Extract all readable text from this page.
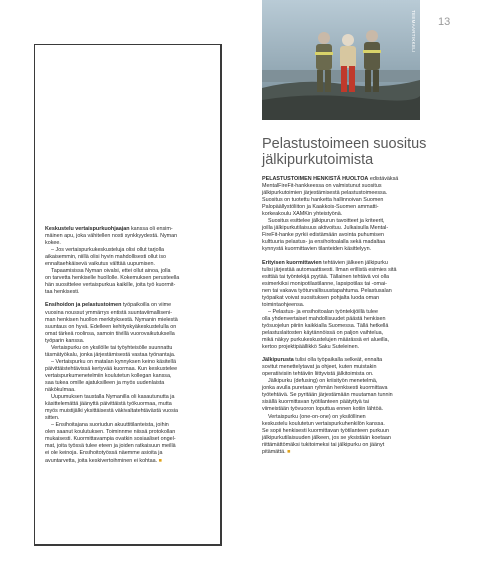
13
TEEMAARTIKKELI

Keskustelu vertaispurkuohjaajan kanssa oli ensim-
mäinen apu, joka vähitellen nosti synkkyydestä. Nyman
kokee.

– Jos vertaispurkukeskusteluja olisi ollut tarjolla
aikaisemmin, niillä olisi hyvin mahdollisesti ollut iso
ennaltaehkäisevä vaikutus välttää uupumisen.

Tapaamisissa Nyman oivalsi, ettei ollut ainoa, jolla
on tarvetta henkiselle huollolle. Kokemuksen perusteella
hän suosittelee vertaispurkua kaikille, joita työ kuormit-
taa henkisesti.

Ensihoidon ja pelastustoimen työpaikoilla on viime
vuosina noussut ymmärrys entistä suuntaviimalliseni-
man henkisen huollon merkityksestä. Nymanin mielestä
suuntaus on hyvä. Edelleen kehityskyäkeskustelulla on
omat tärkeä roolinsa, samoin tiivillä vuorovaikutuksella
työparin kanssa.

Vertaispurku on yksilölle tai työyhteisölle suunnattu
täsmätyökalu, jonka järjestämisestä vastaa työnantaja.

– Vertaispurku on matalan kynnyksen keino käsitellä
päivittäistehtävissä kertyvää kuormaa. Kun keskustelee
vertaispurkumenetelmiin koulutetun kollegan kanssa,
saa tukea omille ajatuksilleen ja myös uudenlaista
näkökulmaa.

Uupumuksen taustalla Nymanilla oli kasautunutta ja
käsittelemättä jäänyttä päivittäistä työkuormaa, mutta
myös muistijälki yksittäisestä väkivaltatehtävästä vuosia
sitten.

– Ensihoitajana suoriudun akuuttitilanteista, joihin
olen saanut koulutuksen. Toiminnme niissä protokollan
mukaisesti. Kuormittavampia ovatkin sosiaaliset ongel-
mat, joita työssä tulee eteen ja joiden ratkaisuun meillä
ei ole keinoja. Ensihoitotyössä näemme asioita ja
avuntarvetta, joita keskivertoihminen ei kohtaa. ■

Pelastustoimeen suositus
jälkipurkutoimista

PELASTUSTOIMEN HENKISTÄ HUOLTOA edistäväksä
MentalFireFit-hankkeessa on valmistunut suositus
jälkipurkutoimien järjestämisestä pelastustoimeessa.
Suositus on tuotettu hanketta hallinnoivan Suomen
Palopäällystöliiton ja Kaakkois-Suomen ammatti-
korkeakoulu XAMKin yhteistyönä.

Suositus esittelee jälkipurun tavoitteet ja kriteerit,
joilla jälkipurkutilaisuus aktivoituu. Julkaisulla Mental-
FireFit-hanke pyrkii edistämään avointa puhumisen
kulttuuria pelastus- ja ensihoitoalalla sekä madaltaa
kynnystä kuormittavien tilanteiden käsittelyyn.

Erityisen kuormittavien tehtävien jälkeen jälkipurku
tulisi järjestää automaattisesti. Ilman erillistä esimies sitä
esittää tai työntekijä pyytää. Tällainen tehtävä voi olla
esimerkiksi monipotilastilanne, lapsipotilas tai -omai-
nen tai vakava työturvallisuustapahtuma. Pelastusalan
työpaikat voivat suosituksen pohjalta luoda oman
toimintaohjeensa.

– Pelastus- ja ensihoitoalan työntekijöillä tulee
olla yhdenvertaiset mahdollisuudet päästä henkisen
työsuojelun piiriin kaikkialla Suomessa. Tällä hetkellä
pelastuslaitosten käytännöissä on paljon vaihtelua,
mikä näkyy purkukeskustelujen määrässä eri alueilla,
kertoo projektipäällikkö Saku Suteleinen.

Jälkipurusta tulisi olla työpaikalla selkeät, ennalta
sovitut menettelytavat ja ohjeet, kuten muistakin
operatiivisiin tehtäviin liittyvistä jälkitoimista on.

Jälkipurku (defusing) on kriisityön menetelmä,
jonka avulla puretaan ryhmän henkisesti kuormittava
työtehtävä. Se pyritään järjestämään muutaman tunnin
sisällä kuormittavan työtilanteen päätyttyä tai
viimeistään työvuoron loputtua ennen kotiin lähtöä.

Vertaispurku (one-on-one) on yksilöllinen
keskustelu koulutetun vertaispurkuhenkilön kanssa.
Se sopii henkisesti kuormittavan työtilanteen purkuun
jälkipurkutilaisuuden jälkeen, jos se yksistään koetaan
riittämättömäksi tukitoimeksi tai jälkipurku on jäänyt
pitämättä. ■
